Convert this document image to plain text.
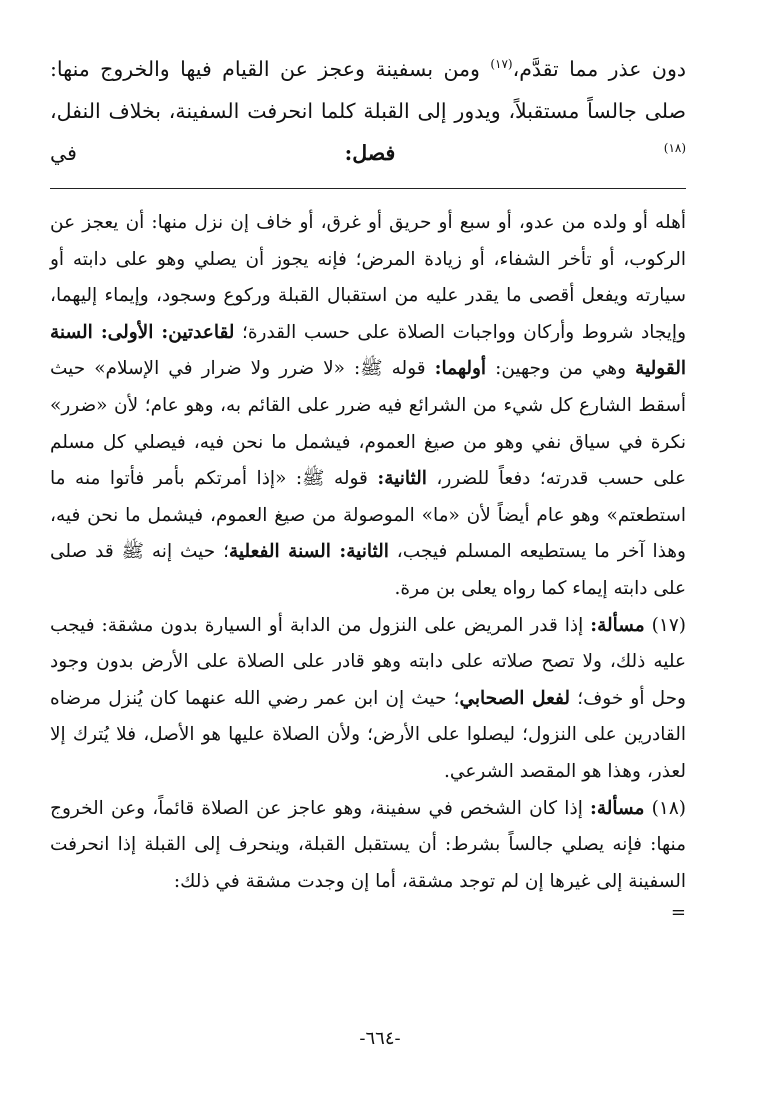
دون عذر مما تقدَّم،$^{(١٧)}$ ومن بسفينة وعجز عن القيام فيها والخروج منها: صلى جالساً مستقبلاً، ويدور إلى القبلة كلما انحرفت السفينة، بخلاف النفل،$^{(١٨)}$ فصل: في

أهله أو ولده من عدو، أو سبع أو حريق أو غرق، أو خاف إن نزل منها: أن يعجز عن الركوب، أو تأخر الشفاء، أو زيادة المرض؛ فإنه يجوز أن يصلي وهو على دابته أو سيارته ويفعل أقصى ما يقدر عليه من استقبال القبلة وركوع وسجود، وإيماء إليهما، وإيجاد شروط وأركان وواجبات الصلاة على حسب القدرة؛ لقاعدتين: الأولى: السنة القولية وهي من وجهين: أولهما: قوله ﷺ: «لا ضرر ولا ضرار في الإسلام» حيث أسقط الشارع كل شيء من الشرائع فيه ضرر على القائم به، وهو عام؛ لأن «ضرر» نكرة في سياق نفي وهو من صيغ العموم، فيشمل ما نحن فيه، فيصلي كل مسلم على حسب قدرته؛ دفعاً للضرر، الثانية: قوله ﷺ: «إذا أمرتكم بأمر فأتوا منه ما استطعتم» وهو عام أيضاً لأن «ما» الموصولة من صيغ العموم، فيشمل ما نحن فيه، وهذا آخر ما يستطيعه المسلم فيجب، الثانية: السنة الفعلية؛ حيث إنه ﷺ قد صلى على دابته إيماء كما رواه يعلى بن مرة.

(١٧) مسألة: إذا قدر المريض على النزول من الدابة أو السيارة بدون مشقة: فيجب عليه ذلك، ولا تصح صلاته على دابته وهو قادر على الصلاة على الأرض بدون وجود وحل أو خوف؛ لفعل الصحابي؛ حيث إن ابن عمر رضي الله عنهما كان يُنزل مرضاه القادرين على النزول؛ ليصلوا على الأرض؛ ولأن الصلاة عليها هو الأصل، فلا يُترك إلا لعذر، وهذا هو المقصد الشرعي.

(١٨) مسألة: إذا كان الشخص في سفينة، وهو عاجز عن الصلاة قائماً، وعن الخروج منها: فإنه يصلي جالساً بشرط: أن يستقبل القبلة، وينحرف إلى القبلة إذا انحرفت السفينة إلى غيرها إن لم توجد مشقة، أما إن وجدت مشقة في ذلك:

=

-٦٦٤-
